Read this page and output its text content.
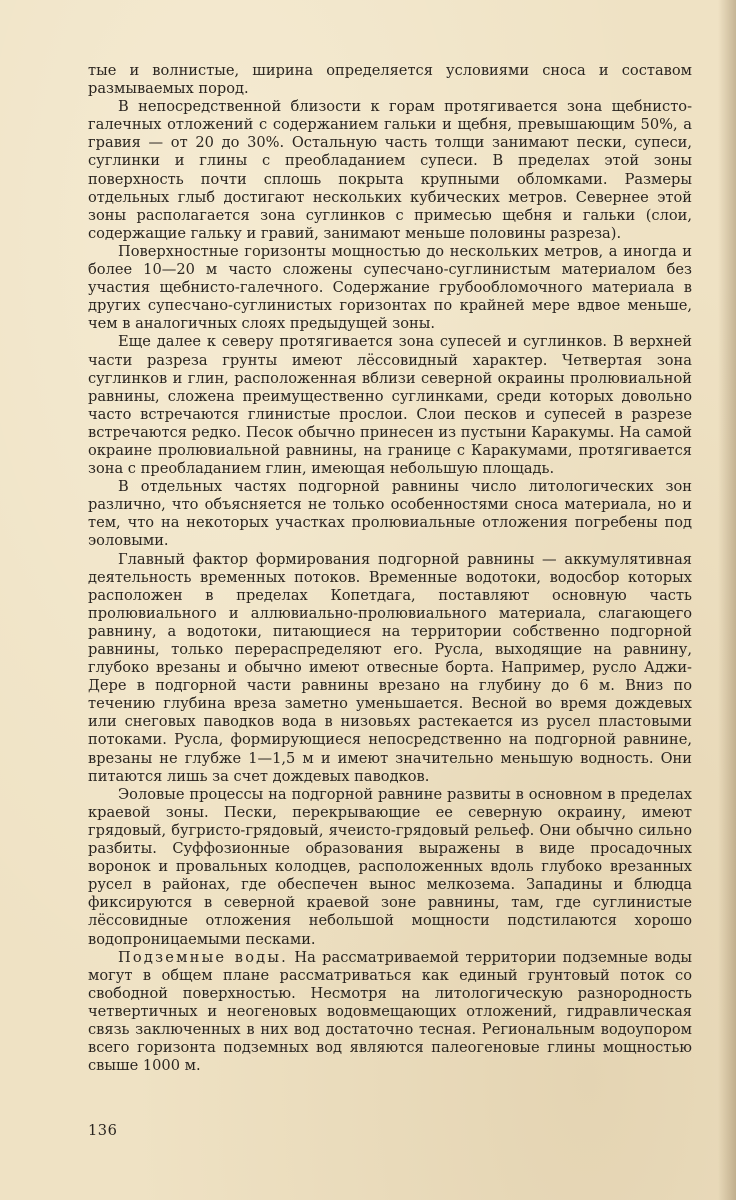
тые и волнистые, ширина определяется условиями сноса и составом размываемых пород.

В непосредственной близости к горам протягивается зона щебнисто-галечных отложений с содержанием гальки и щебня, превышающим 50%, а гравия — от 20 до 30%. Остальную часть толщи занимают пески, супеси, суглинки и глины с преобладанием супеси. В пределах этой зоны поверхность почти сплошь покрыта крупными обломками. Размеры отдельных глыб достигают нескольких кубических метров. Севернее этой зоны располагается зона суглинков с примесью щебня и гальки (слои, содержащие гальку и гравий, занимают меньше половины разреза).

Поверхностные горизонты мощностью до нескольких метров, а иногда и более 10—20 м часто сложены супесчано-суглинистым материалом без участия щебнисто-галечного. Содержание грубообломочного материала в других супесчано-суглинистых горизонтах по крайней мере вдвое меньше, чем в аналогичных слоях предыдущей зоны.

Еще далее к северу протягивается зона супесей и суглинков. В верхней части разреза грунты имеют лёссовидный характер. Четвертая зона суглинков и глин, расположенная вблизи северной окраины пролювиальной равнины, сложена преимущественно суглинками, среди которых довольно часто встречаются глинистые прослои. Слои песков и супесей в разрезе встречаются редко. Песок обычно принесен из пустыни Каракумы. На самой окраине пролювиальной равнины, на границе с Каракумами, протягивается зона с преобладанием глин, имеющая небольшую площадь.

В отдельных частях подгорной равнины число литологических зон различно, что объясняется не только особенностями сноса материала, но и тем, что на некоторых участках пролювиальные отложения погребены под эоловыми.

Главный фактор формирования подгорной равнины — аккумулятивная деятельность временных потоков. Временные водотоки, водосбор которых расположен в пределах Копетдага, поставляют основную часть пролювиального и аллювиально-пролювиального материала, слагающего равнину, а водотоки, питающиеся на территории собственно подгорной равнины, только перераспределяют его. Русла, выходящие на равнину, глубоко врезаны и обычно имеют отвесные борта. Например, русло Аджи-Дере в подгорной части равнины врезано на глубину до 6 м. Вниз по течению глубина вреза заметно уменьшается. Весной во время дождевых или снеговых паводков вода в низовьях растекается из русел пластовыми потоками. Русла, формирующиеся непосредственно на подгорной равнине, врезаны не глубже 1—1,5 м и имеют значительно меньшую водность. Они питаются лишь за счет дождевых паводков.

Эоловые процессы на подгорной равнине развиты в основном в пределах краевой зоны. Пески, перекрывающие ее северную окраину, имеют грядовый, бугристо-грядовый, ячеисто-грядовый рельеф. Они обычно сильно разбиты. Суффозионные образования выражены в виде просадочных воронок и провальных колодцев, расположенных вдоль глубоко врезанных русел в районах, где обеспечен вынос мелкозема. Западины и блюдца фиксируются в северной краевой зоне равнины, там, где суглинистые лёссовидные отложения небольшой мощности подстилаются хорошо водопроницаемыми песками.

Подземные воды. На рассматриваемой территории подземные воды могут в общем плане рассматриваться как единый грунтовый поток со свободной поверхностью. Несмотря на литологическую разнородность четвертичных и неогеновых водовмещающих отложений, гидравлическая связь заключенных в них вод достаточно тесная. Региональным водоупором всего горизонта подземных вод являются палеогеновые глины мощностью свыше 1000 м.

136
